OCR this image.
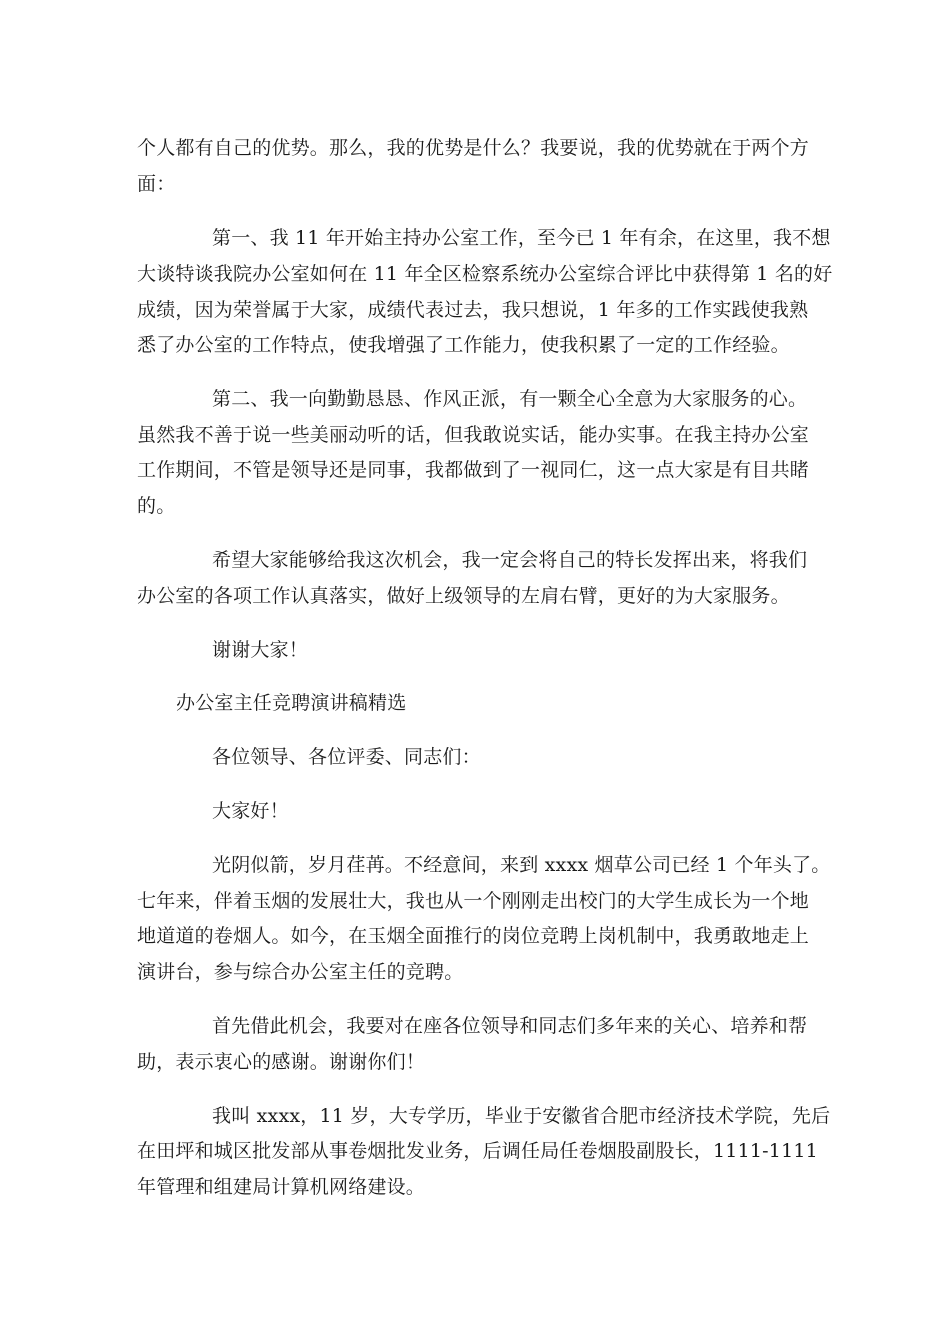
个人都有自己的优势。那么，我的优势是什么？我要说，我的优势就在于两个方
面：
第一、我 11 年开始主持办公室工作，至今已 1 年有余，在这里，我不想
大谈特谈我院办公室如何在 11 年全区检察系统办公室综合评比中获得第 1 名的好
成绩，因为荣誉属于大家，成绩代表过去，我只想说，1 年多的工作实践使我熟
悉了办公室的工作特点，使我增强了工作能力，使我积累了一定的工作经验。
第二、我一向勤勤恳恳、作风正派，有一颗全心全意为大家服务的心。
虽然我不善于说一些美丽动听的话，但我敢说实话，能办实事。在我主持办公室
工作期间，不管是领导还是同事，我都做到了一视同仁，这一点大家是有目共睹
的。
希望大家能够给我这次机会，我一定会将自己的特长发挥出来，将我们
办公室的各项工作认真落实，做好上级领导的左肩右臂，更好的为大家服务。
谢谢大家！
办公室主任竞聘演讲稿精选
各位领导、各位评委、同志们：
大家好！
光阴似箭，岁月荏苒。不经意间，来到 xxxx 烟草公司已经 1 个年头了。
七年来，伴着玉烟的发展壮大，我也从一个刚刚走出校门的大学生成长为一个地
地道道的卷烟人。如今，在玉烟全面推行的岗位竞聘上岗机制中，我勇敢地走上
演讲台，参与综合办公室主任的竞聘。
首先借此机会，我要对在座各位领导和同志们多年来的关心、培养和帮
助，表示衷心的感谢。谢谢你们！
我叫 xxxx，11 岁，大专学历，毕业于安徽省合肥市经济技术学院，先后
在田坪和城区批发部从事卷烟批发业务，后调任局任卷烟股副股长，1111-1111
年管理和组建局计算机网络建设。
